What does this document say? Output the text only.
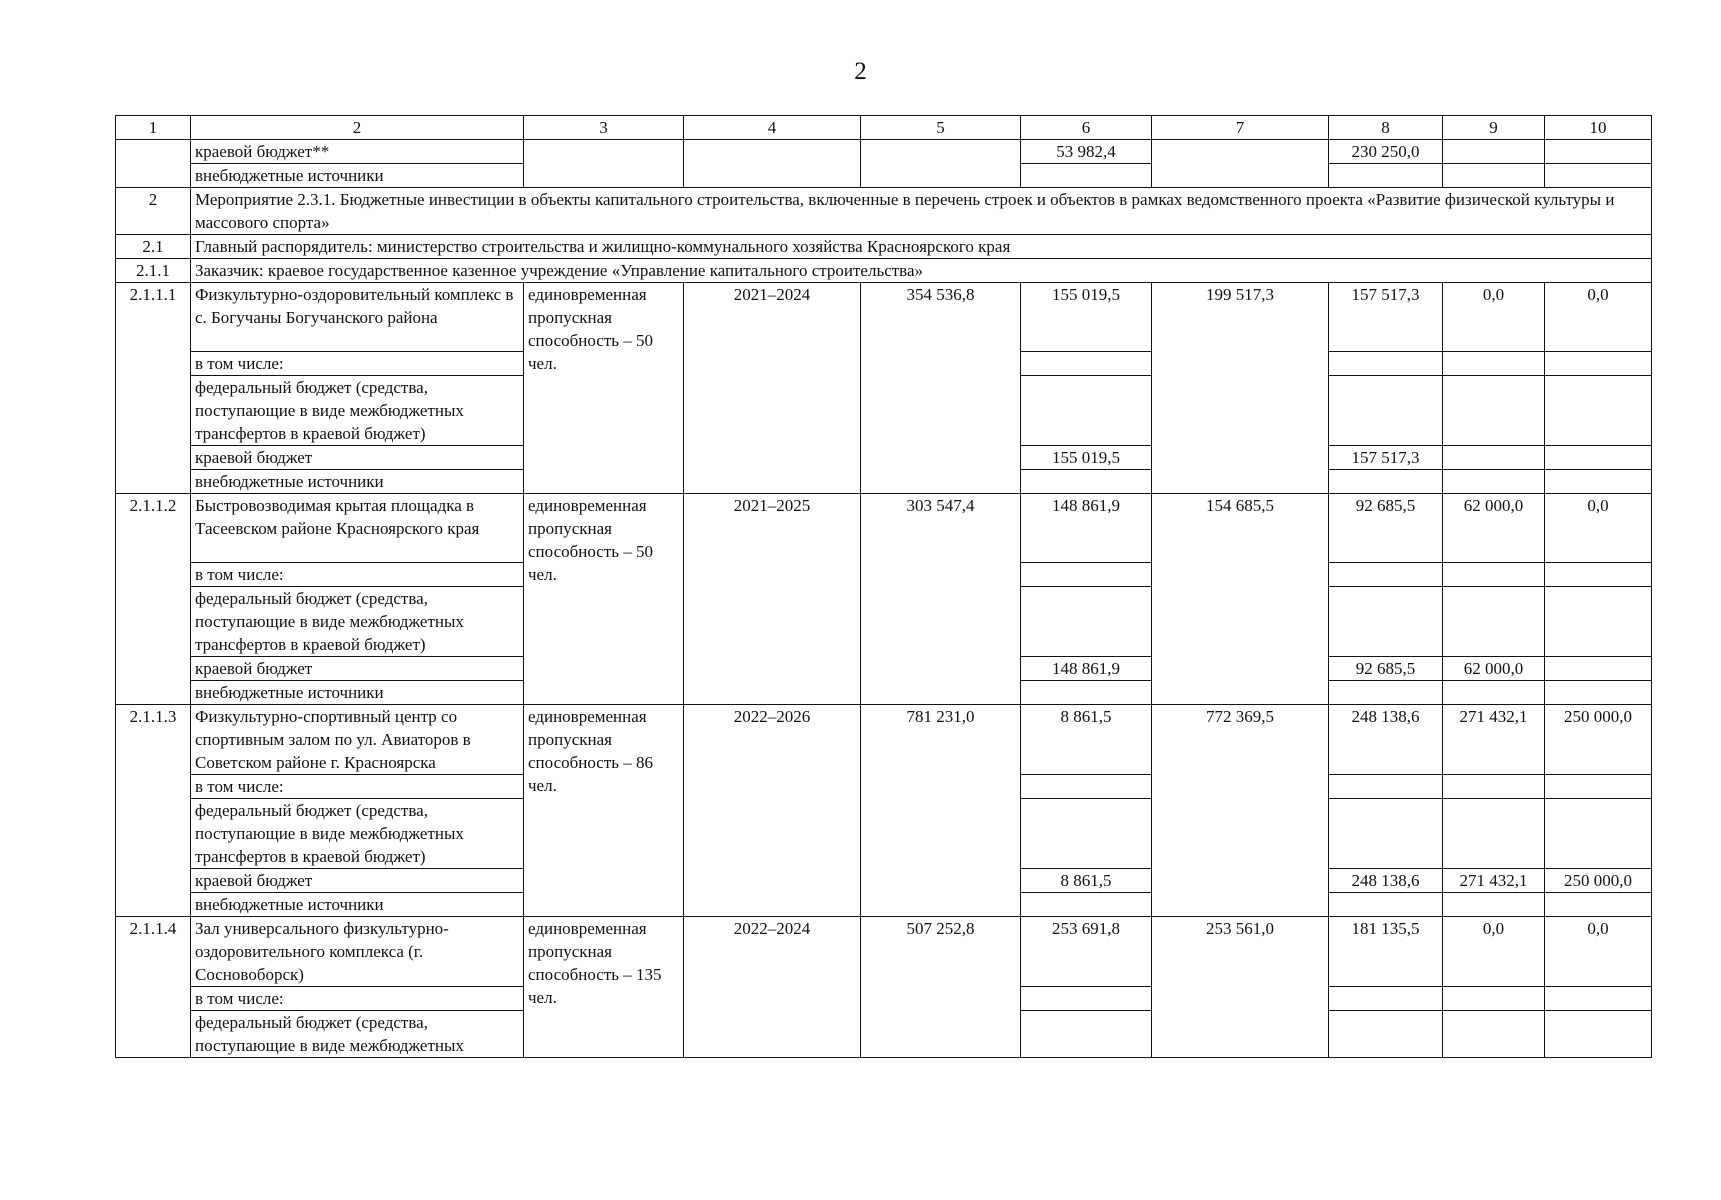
2
1	2	3	4	5	6	7	8	9	10
	краевой бюджет**				53 982,4		230 250,0		
	внебюджетные источники								
2	Мероприятие 2.3.1. Бюджетные инвестиции в объекты капитального строительства, включенные в перечень строек и объектов в рамках ведомственного проекта «Развитие физической культуры и массового спорта»								
2.1	Главный распорядитель: министерство строительства и жилищно-коммунального хозяйства Красноярского края								
2.1.1	Заказчик: краевое государственное казенное учреждение «Управление капитального строительства»								
2.1.1.1	Физкультурно-оздоровительный комплекс в с. Богучаны Богучанского района	единовременная пропускная способность – 50 чел.	2021–2024	354 536,8	155 019,5	199 517,3	157 517,3	0,0	0,0
	в том числе:								
	федеральный бюджет (средства, поступающие в виде межбюджетных трансфертов в краевой бюджет)								
	краевой бюджет				155 019,5		157 517,3		
	внебюджетные источники								
2.1.1.2	Быстровозводимая крытая площадка в Тасеевском районе Красноярского края	единовременная пропускная способность – 50 чел.	2021–2025	303 547,4	148 861,9	154 685,5	92 685,5	62 000,0	0,0
	в том числе:								
	федеральный бюджет (средства, поступающие в виде межбюджетных трансфертов в краевой бюджет)								
	краевой бюджет				148 861,9		92 685,5	62 000,0	
	внебюджетные источники								
2.1.1.3	Физкультурно-спортивный центр со спортивным залом по ул. Авиаторов в Советском районе г. Красноярска	единовременная пропускная способность – 86 чел.	2022–2026	781 231,0	8 861,5	772 369,5	248 138,6	271 432,1	250 000,0
	в том числе:								
	федеральный бюджет (средства, поступающие в виде межбюджетных трансфертов в краевой бюджет)								
	краевой бюджет				8 861,5		248 138,6	271 432,1	250 000,0
	внебюджетные источники								
2.1.1.4	Зал универсального физкультурно-оздоровительного комплекса (г. Сосновоборск)	единовременная пропускная способность – 135 чел.	2022–2024	507 252,8	253 691,8	253 561,0	181 135,5	0,0	0,0
	в том числе:								
	федеральный бюджет (средства, поступающие в виде межбюджетных								
